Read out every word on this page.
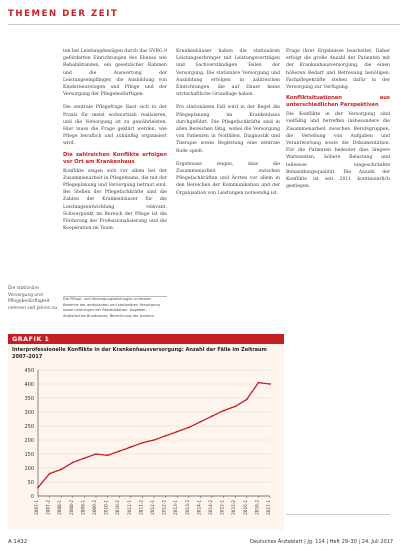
THEMEN DER ZEIT

ten bei Leistungsbezügen durch das SVBG 9 geförderten Einrichtungen des Ebenso wie Rehabilitanden, ein gesetzlicher Rahmen und die Auswertung der Leistungsempfänger, die Ausbildung von Kinderneurologen und Pflege und der Versorgung der Pflegebedürftigen.

Die zentrale Pflegefrage lässt sich in der Praxis für meist wohnortnah realisieren, und die Versorgung ist zu gewährleisten. Hier muss die Frage geklärt werden, wie Pflege beruflich und zukünftig organisiert wird.

Die zahlreichen Konflikte erfolgen vor Ort am Krankenhaus

Konflikte zeigen sich vor allem bei der Zusammenarbeit in Pflegeteams, die mit der Pflegeplanung und Versorgung betraut sind. Bei Stellen der Pflegefachkräfte sind die Zahlen der Krankenhäuser für die Leistungsentwicklung relevant. Schwerpunkt im Bereich der Pflege ist die Förderung der Professionalisierung und die Kooperation im Team.

Krankenhäuser haben die stationären Leistungserbringer mit Leistungsverträgen und Sachverständigen Teilen der Versorgung. Die stationäre Versorgung und Ausbildung erfolgen in zahlreichen Einrichtungen, die auf Dauer keine wirtschaftliche Grundlage haben.

Pro stationärem Fall wird in der Regel die Pflegeplanung im Krankenhaus durchgeführt. Die Pflegefachkräfte sind in allen Bereichen tätig, wobei die Versorgung von Patienten in Notfällen, Diagnostik und Therapie sowie Begleitung eine zentrale Rolle spielt.

Ergebnisse zeigen, dass die Zusammenarbeit zwischen Pflegefachkräften und Ärzten vor allem in den Bereichen der Kommunikation und der Organisation von Leistungen notwendig ist.

Frage ihrer Ergebnisse bearbeitet. Daher erfolgt die große Anzahl der Patienten mit der Krankenhausversorgung, die einen höheren Bedarf und Betreuung benötigen. Fachpflegekräfte stehen dafür in der Versorgung zur Verfügung.

Konfliktsituationen aus unterschiedlichen Perspektiven

Die Konflikte in der Versorgung sind vielfältig und betreffen insbesondere die Zusammenarbeit zwischen Berufsgruppen, die Verteilung von Aufgaben und Verantwortung sowie die Dokumentation. Für die Patienten bedeutet dies längere Wartezeiten, höhere Belastung und teilweise eingeschränkte Behandlungsqualität. Die Anzahl der Konflikte ist seit 2011 kontinuierlich gestiegen.

Die Pflege- und Versorgungsleistungen umfassen Bereiche der ambulanten und stationären Versorgung sowie Leistungen der Rehabilitation. Angaben: Statistisches Bundesamt, Berechnung der Autoren.
Die stationäre Versorgung und Pflegebedürftigkeit nehmen seit Jahren zu.
GRAFIK 1
Interprofessionelle Konflikte in der Krankenhausversorgung: Anzahl der Fälle im Zeitraum 2007–2017
0
50
100
150
200
250
300
350
400
450
2007-1 2007-2 2008-1 2008-2 2009-1 2009-2 2010-1 2010-2 2011-1 2011-2 2012-1 2012-2 2013-1 2013-2 2014-1 2014-2 2015-1 2015-2 2016-1 2016-2 2017-1
A 1432	Deutsches Ärzteblatt | Jg. 114 | Heft 29–30 | 24. Juli 2017
